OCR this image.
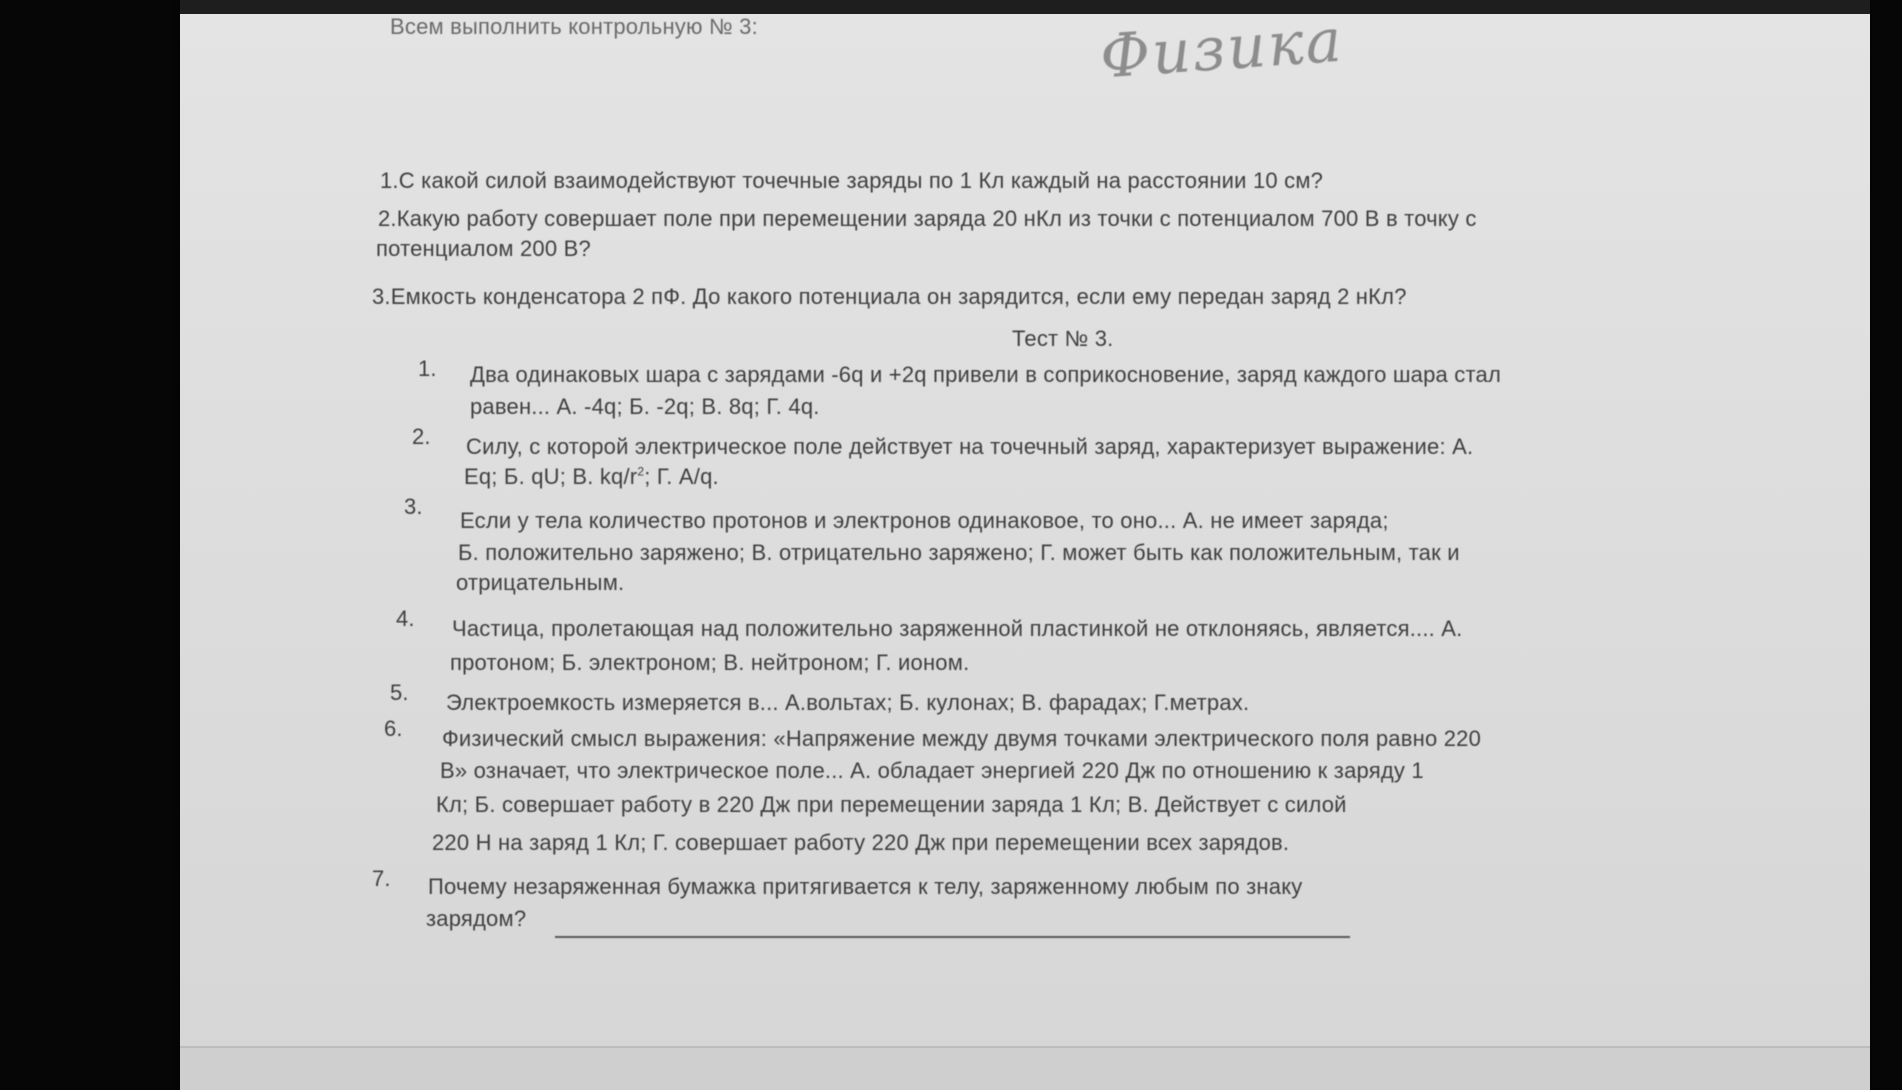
Всем выполнить контрольную № 3:	Физика
1.С какой силой взаимодействуют точечные заряды по 1 Кл каждый на расстоянии 10 см?
2.Какую работу совершает поле при перемещении заряда 20 нКл из точки с потенциалом 700 В в точку с
потенциалом 200 В?
3.Емкость конденсатора 2 пФ. До какого потенциала он зарядится, если ему передан заряд 2 нКл?
Тест № 3.
1. Два одинаковых шара с зарядами -6q и +2q привели в соприкосновение, заряд каждого шара стал
равен... А. -4q; Б. -2q; В. 8q; Г. 4q.
2. Силу, с которой электрическое поле действует на точечный заряд, характеризует выражение: А.
Eq; Б. qU; В. $kq/r^2$; Г. A/q.
3.
Если у тела количество протонов и электронов одинаковое, то оно... А. не имеет заряда;
Б. положительно заряжено; В. отрицательно заряжено; Г. может быть как положительным, так и
отрицательным.
4. Частица, пролетающая над положительно заряженной пластинкой не отклоняясь, является.... А.
протоном; Б. электроном; В. нейтроном; Г. ионом.
5. Электроемкость измеряется в... А.вольтах; Б. кулонах; В. фарадах; Г.метрах.
6. Физический смысл выражения: «Напряжение между двумя точками электрического поля равно 220
В» означает, что электрическое поле... А. обладает энергией 220 Дж по отношению к заряду 1
Кл; Б. совершает работу в 220 Дж при перемещении заряда 1 Кл; В. Действует с силой
220 Н на заряд 1 Кл; Г. совершает работу 220 Дж при перемещении всех зарядов.
7. Почему незаряженная бумажка притягивается к телу, заряженному любым по знаку
зарядом?
